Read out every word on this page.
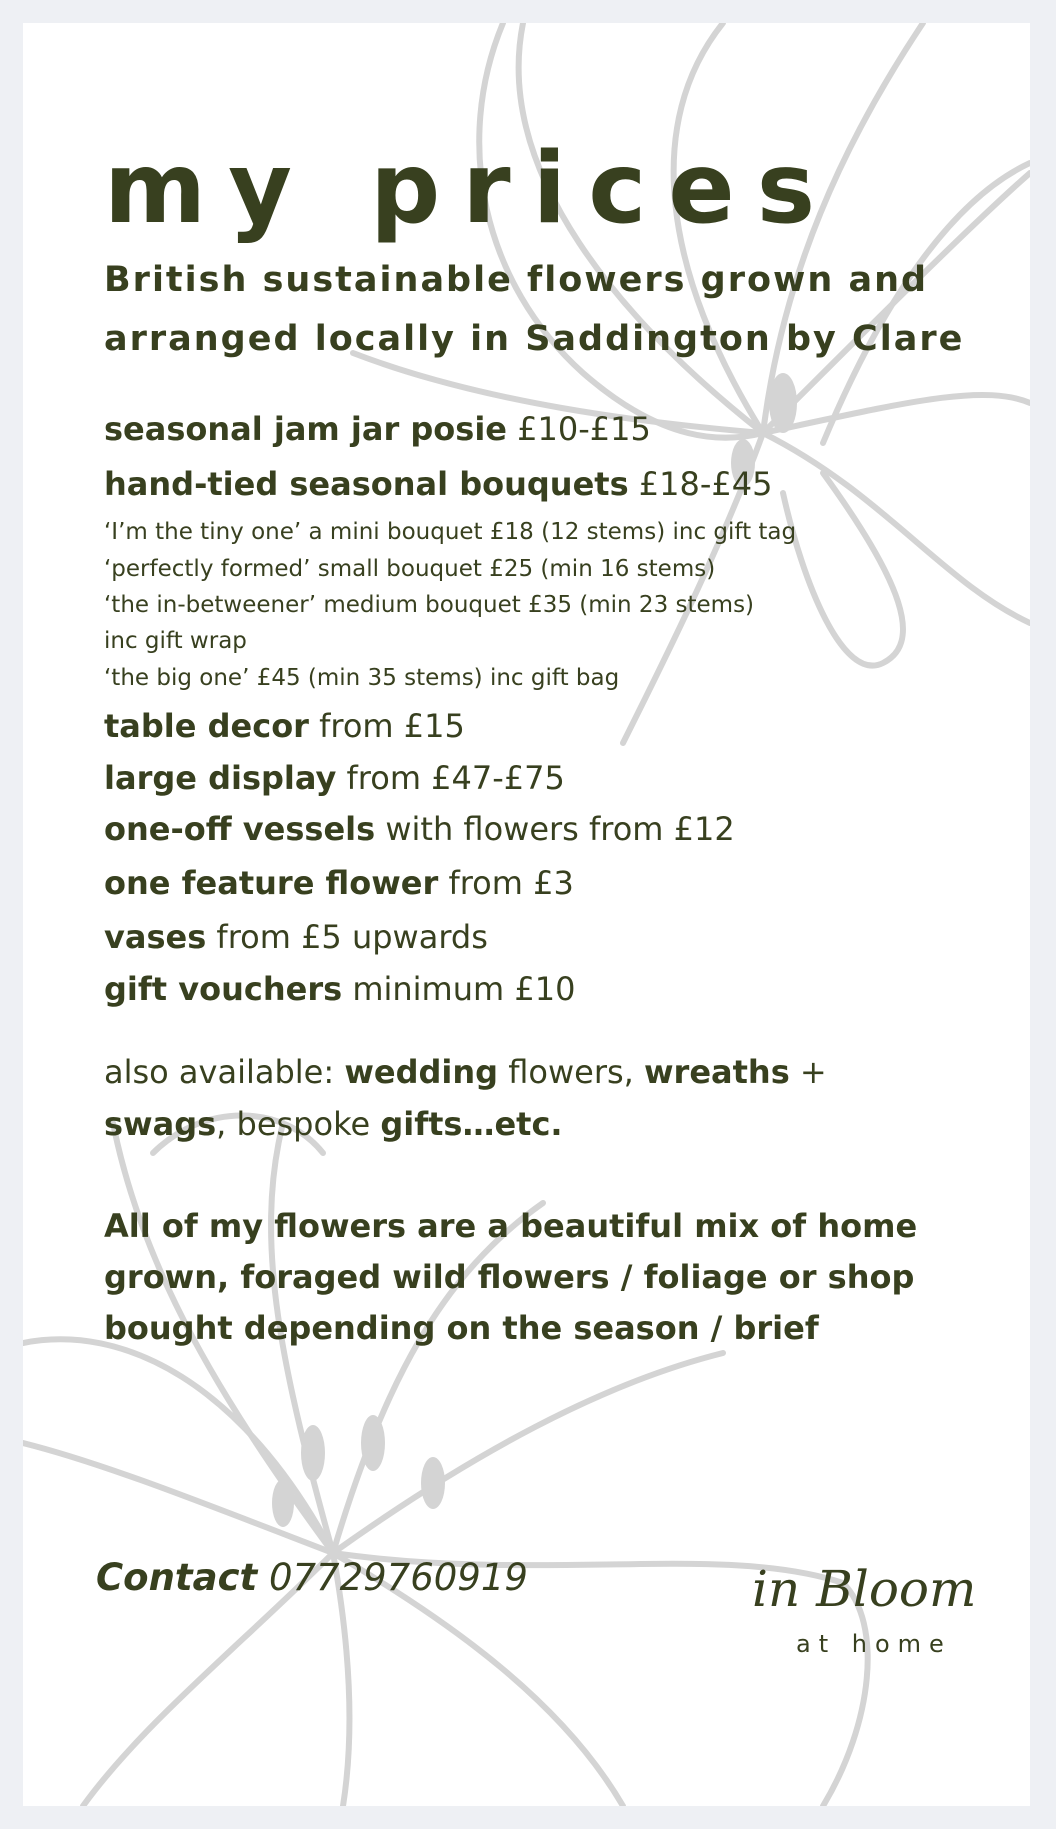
my prices
British sustainable flowers grown and
arranged locally in Saddington by Clare
seasonal jam jar posie £10-£15
hand-tied seasonal bouquets £18-£45
‘I’m the tiny one’ a mini bouquet £18 (12 stems) inc gift tag
‘perfectly formed’ small bouquet £25 (min 16 stems)
‘the in-betweener’ medium bouquet £35 (min 23 stems)
inc gift wrap
‘the big one’ £45 (min 35 stems) inc gift bag
table decor from £15
large display from £47-£75
one-off vessels with flowers from £12
one feature flower from £3
vases from £5 upwards
gift vouchers minimum £10
also available: wedding flowers, wreaths +
swags, bespoke gifts…etc.
All of my flowers are a beautiful mix of home
grown, foraged wild flowers / foliage or shop
bought depending on the season / brief
Contact 07729760919	in Bloom
at home
